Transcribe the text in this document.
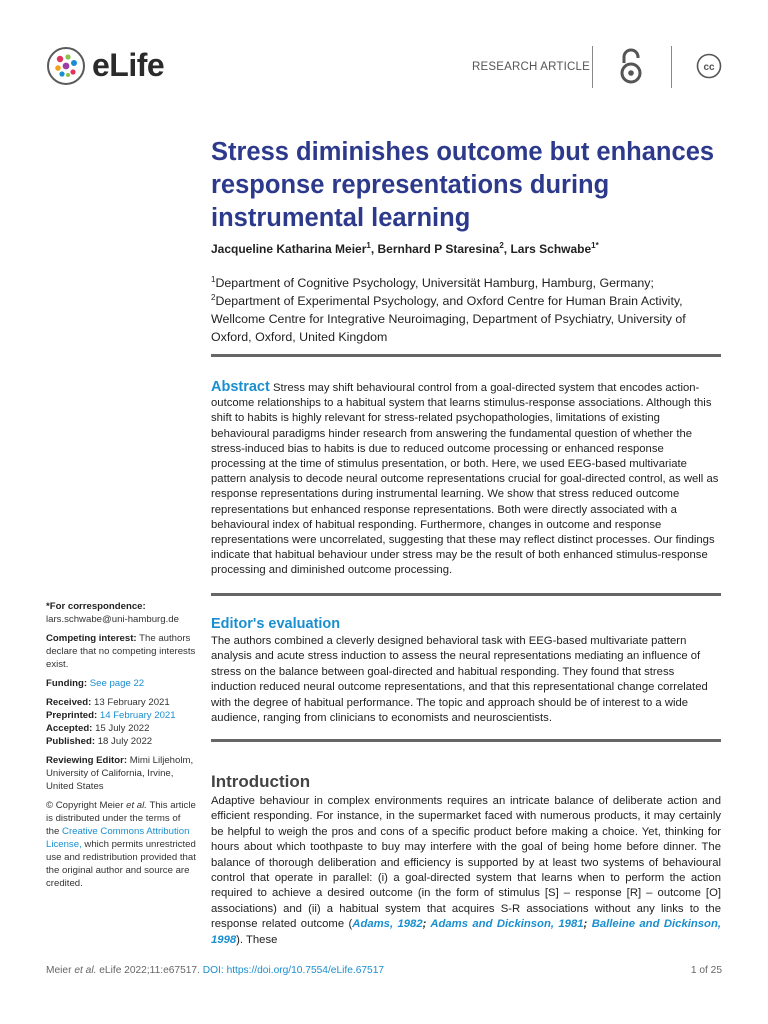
eLife	RESEARCH ARTICLE	cc
Stress diminishes outcome but enhances response representations during instrumental learning
Jacqueline Katharina Meier$^1$, Bernhard P Staresina$^2$, Lars Schwabe$^{1*}$
$^1$Department of Cognitive Psychology, Universität Hamburg, Hamburg, Germany;
$^2$Department of Experimental Psychology, and Oxford Centre for Human Brain Activity, Wellcome Centre for Integrative Neuroimaging, Department of Psychiatry, University of Oxford, Oxford, United Kingdom
Abstract Stress may shift behavioural control from a goal-directed system that encodes action-outcome relationships to a habitual system that learns stimulus-response associations. Although this shift to habits is highly relevant for stress-related psychopathologies, limitations of existing behavioural paradigms hinder research from answering the fundamental question of whether the stress-induced bias to habits is due to reduced outcome processing or enhanced response processing at the time of stimulus presentation, or both. Here, we used EEG-based multivariate pattern analysis to decode neural outcome representations crucial for goal-directed control, as well as response representations during instrumental learning. We show that stress reduced outcome representations but enhanced response representations. Both were directly associated with a behavioural index of habitual responding. Furthermore, changes in outcome and response representations were uncorrelated, suggesting that these may reflect distinct processes. Our findings indicate that habitual behaviour under stress may be the result of both enhanced stimulus-response processing and diminished outcome processing.
Editor's evaluation
The authors combined a cleverly designed behavioral task with EEG-based multivariate pattern analysis and acute stress induction to assess the neural representations mediating an influence of stress on the balance between goal-directed and habitual responding. They found that stress induction reduced neural outcome representations, and that this representational change correlated with the degree of habitual performance. The topic and approach should be of interest to a wide audience, ranging from clinicians to economists and neuroscientists.
Introduction
Adaptive behaviour in complex environments requires an intricate balance of deliberate action and efficient responding. For instance, in the supermarket faced with numerous products, it may certainly be helpful to weigh the pros and cons of a specific product before making a choice. Yet, thinking for hours about which toothpaste to buy may interfere with the goal of being home before dinner. The balance of thorough deliberation and efficiency is supported by at least two systems of behavioural control that operate in parallel: (i) a goal-directed system that learns when to perform the action required to achieve a desired outcome (in the form of stimulus [S] – response [R] – outcome [O] associations) and (ii) a habitual system that acquires S-R associations without any links to the response related outcome (Adams, 1982; Adams and Dickinson, 1981; Balleine and Dickinson, 1998). These

*For correspondence:
lars.schwabe@uni-hamburg.de

Competing interest: The authors declare that no competing interests exist.

Funding: See page 22

Received: 13 February 2021
Preprinted: 14 February 2021
Accepted: 15 July 2022
Published: 18 July 2022

Reviewing Editor: Mimi Liljeholm, University of California, Irvine, United States

© Copyright Meier et al. This article is distributed under the terms of the Creative Commons Attribution License, which permits unrestricted use and redistribution provided that the original author and source are credited.

Meier et al. eLife 2022;11:e67517. DOI: https://doi.org/10.7554/eLife.67517	1 of 25
